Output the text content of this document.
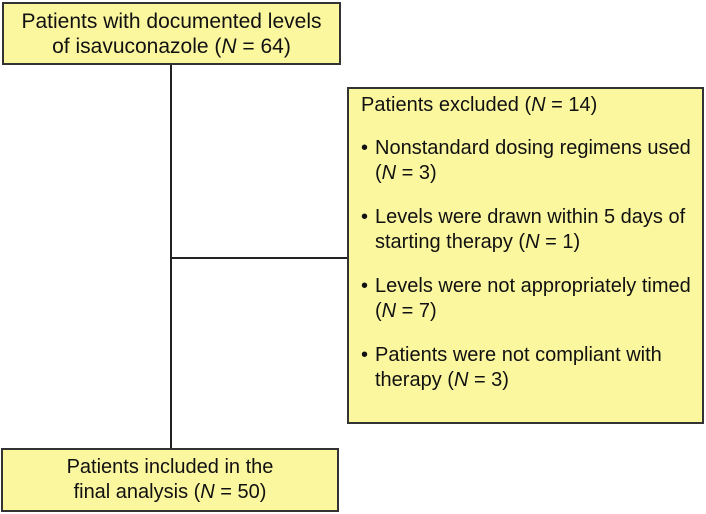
Patients with documented levels
of isavuconazole (N = 64)
Patients excluded (N = 14)
• Nonstandard dosing regimens used (N = 3)
• Levels were drawn within 5 days of starting therapy (N = 1)
• Levels were not appropriately timed (N = 7)
• Patients were not compliant with therapy (N = 3)
Patients included in the
final analysis (N = 50)
